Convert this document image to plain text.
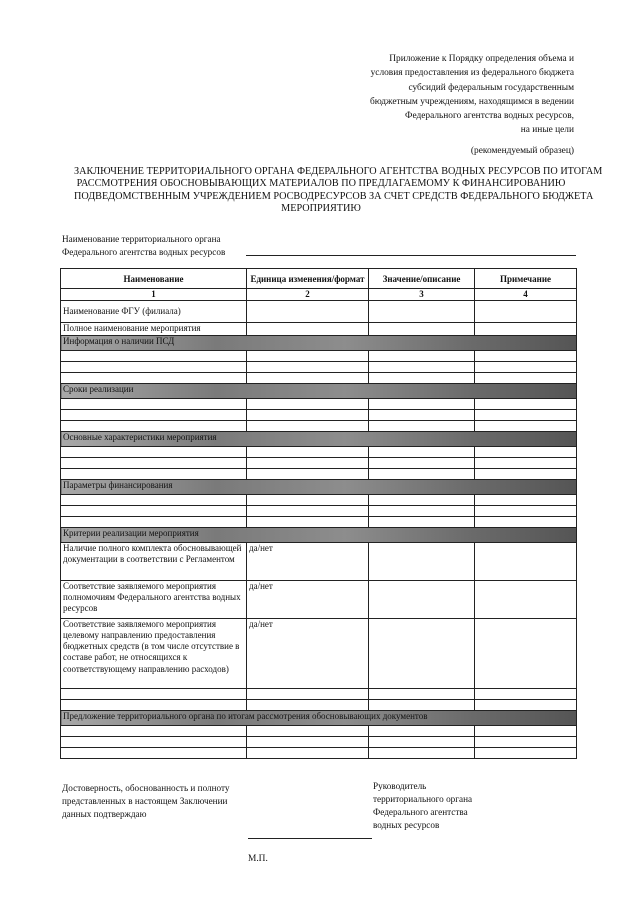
Приложение к Порядку определения объема и
условия предоставления из федерального бюджета
субсидий федеральным государственным
бюджетным учреждениям, находящимся в ведении
Федерального агентства водных ресурсов,
на иные цели
(рекомендуемый образец)
ЗАКЛЮЧЕНИЕ ТЕРРИТОРИАЛЬНОГО ОРГАНА ФЕДЕРАЛЬНОГО АГЕНТСТВА ВОДНЫХ РЕСУРСОВ ПО ИТОГАМ
РАССМОТРЕНИЯ ОБОСНОВЫВАЮЩИХ МАТЕРИАЛОВ ПО ПРЕДЛАГАЕМОМУ К ФИНАНСИРОВАНИЮ
ПОДВЕДОМСТВЕННЫМ УЧРЕЖДЕНИЕМ РОСВОДРЕСУРСОВ ЗА СЧЕТ СРЕДСТВ ФЕДЕРАЛЬНОГО БЮДЖЕТА
МЕРОПРИЯТИЮ
Наименование территориального органа
Федерального агентства водных ресурсов
Наименование	Единица изменения/формат	Значение/описание	Примечание
1	2	3	4
Наименование ФГУ (филиала)			
Полное наименование мероприятия			
Информация о наличии ПСД			

Сроки реализации			

Основные характеристики мероприятия			

Параметры финансирования			

Критерии реализации мероприятия			
Наличие полного комплекта обосновывающей документации в соответствии с Регламентом	да/нет		
Соответствие заявляемого мероприятия полномочиям Федерального агентства водных ресурсов	да/нет		
Соответствие заявляемого мероприятия целевому направлению предоставления бюджетных средств (в том числе отсутствие в составе работ, не относящихся к соответствующему направлению расходов)	да/нет		

Предложение территориального органа по итогам рассмотрения обосновывающих документов			

Достоверность, обоснованность и полноту
представленных в настоящем Заключении
данных подтверждаю
Руководитель
территориального органа
Федерального агентства
водных ресурсов
М.П.
